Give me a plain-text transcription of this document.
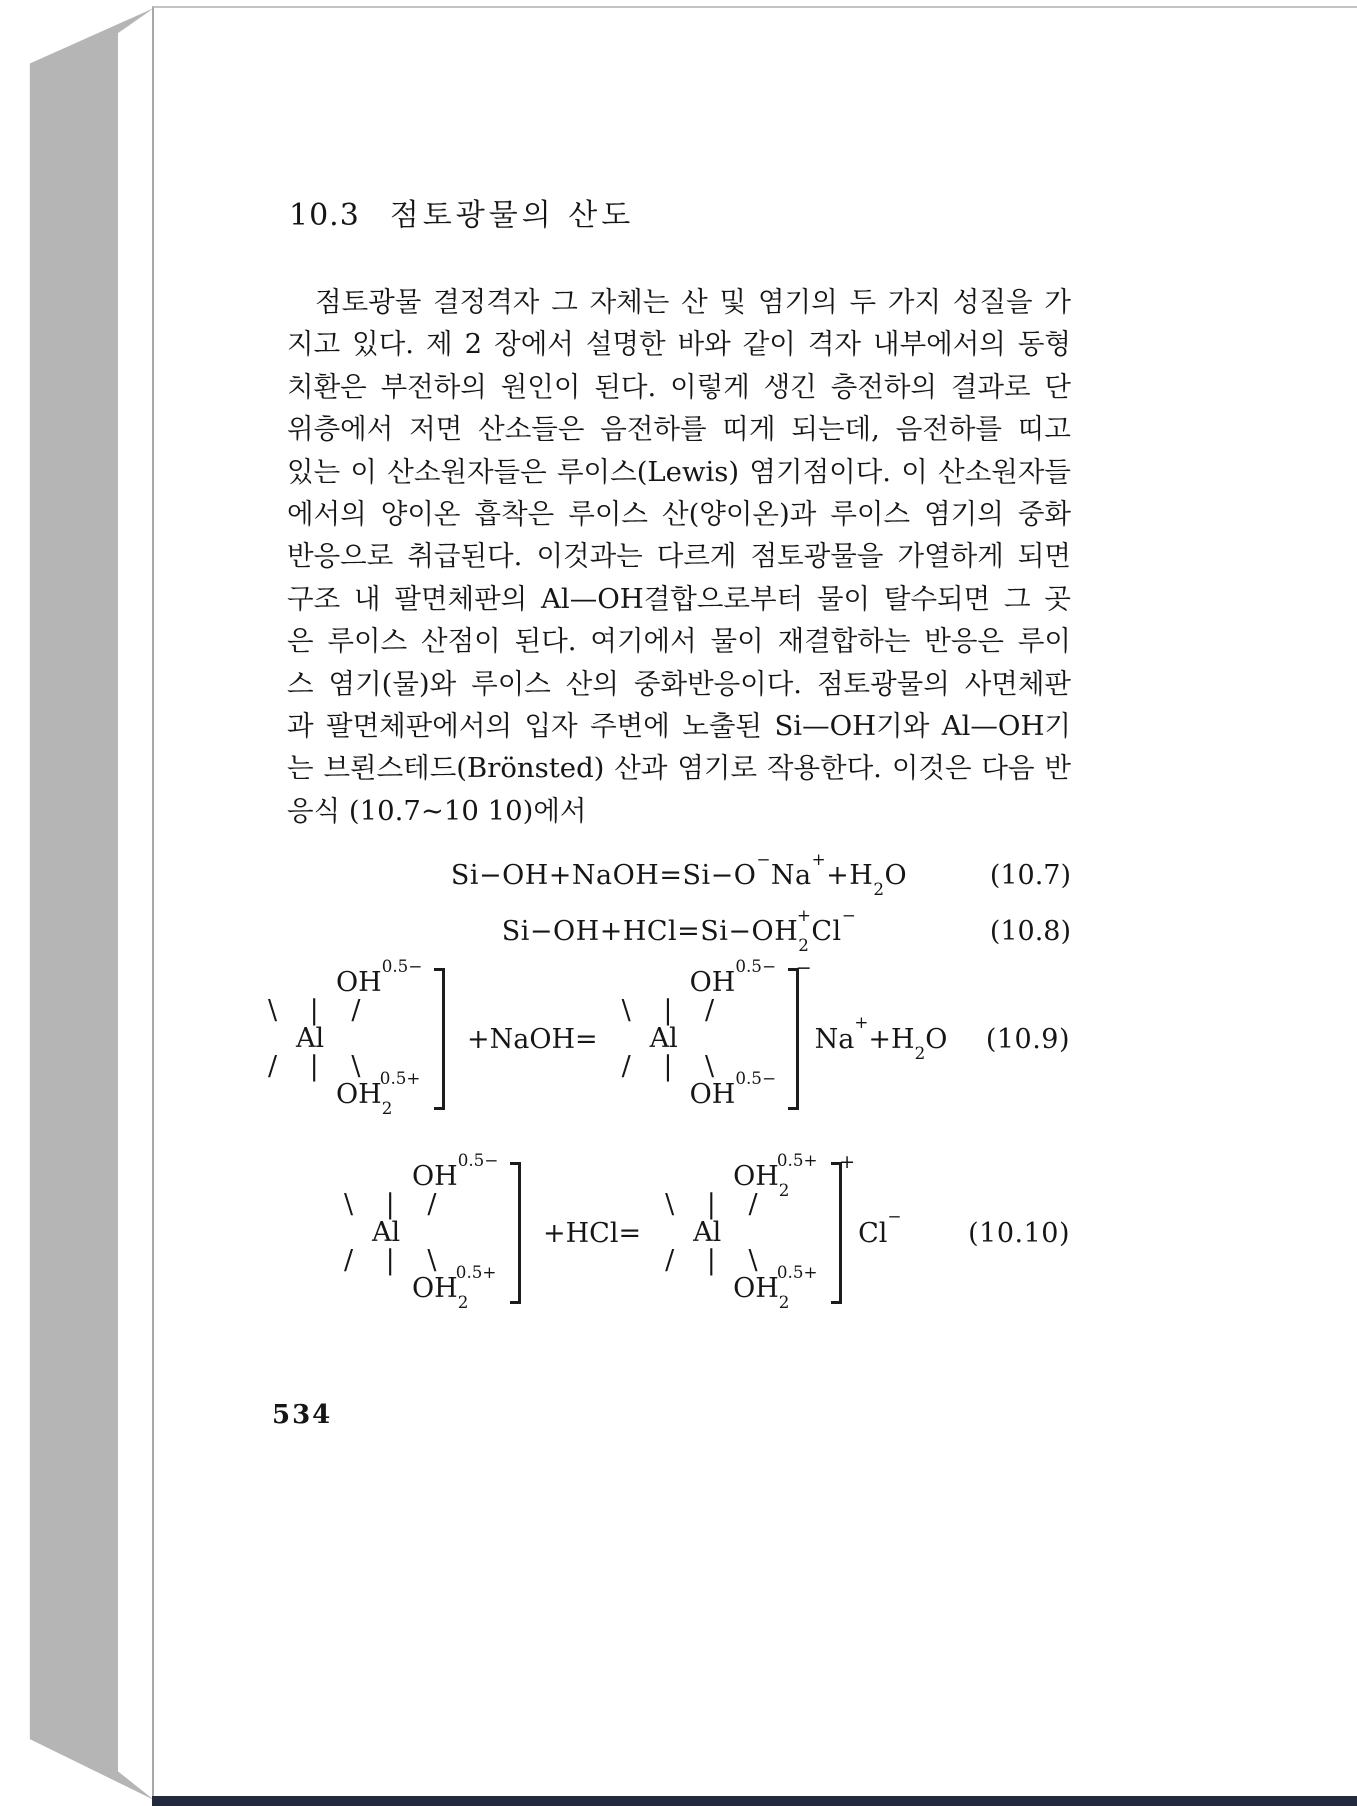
10.3 점토광물의 산도
점토광물 결정격자 그 자체는 산 및 염기의 두 가지 성질을 가
지고 있다. 제 2 장에서 설명한 바와 같이 격자 내부에서의 동형
치환은 부전하의 원인이 된다. 이렇게 생긴 층전하의 결과로 단
위층에서 저면 산소들은 음전하를 띠게 되는데, 음전하를 띠고
있는 이 산소원자들은 루이스(Lewis) 염기점이다. 이 산소원자들
에서의 양이온 흡착은 루이스 산(양이온)과 루이스 염기의 중화
반응으로 취급된다. 이것과는 다르게 점토광물을 가열하게 되면
구조 내 팔면체판의 Al—OH결합으로부터 물이 탈수되면 그 곳
은 루이스 산점이 된다. 여기에서 물이 재결합하는 반응은 루이
스 염기(물)와 루이스 산의 중화반응이다. 점토광물의 사면체판
과 팔면체판에서의 입자 주변에 노출된 Si—OH기와 Al—OH기
는 브뢴스테드(Brönsted) 산과 염기로 작용한다. 이것은 다음 반
응식 (10.7~10 10)에서
$Si-OH+NaOH=Si-O^-Na^++H_2O$	(10.7)
$Si-OH+HCl=Si-OH_2^+Cl^-$
(10.8)
$OH^{0.5-}$
\ | /
Al
/ | \
$OH_2^{0.5+}$
+NaOH=
$OH^{0.5-}$
\ | /
Al
/ | \
$OH^{0.5-}$
−
$Na^++H_2O$ (10.9)
$OH^{0.5-}$
\ | /
Al
/ | \
$OH_2^{0.5+}$
+HCl=
$OH_2^{0.5+}$
\ | /
Al
/ | \
$OH_2^{0.5+}$
+
Cl−
(10.10)
534
